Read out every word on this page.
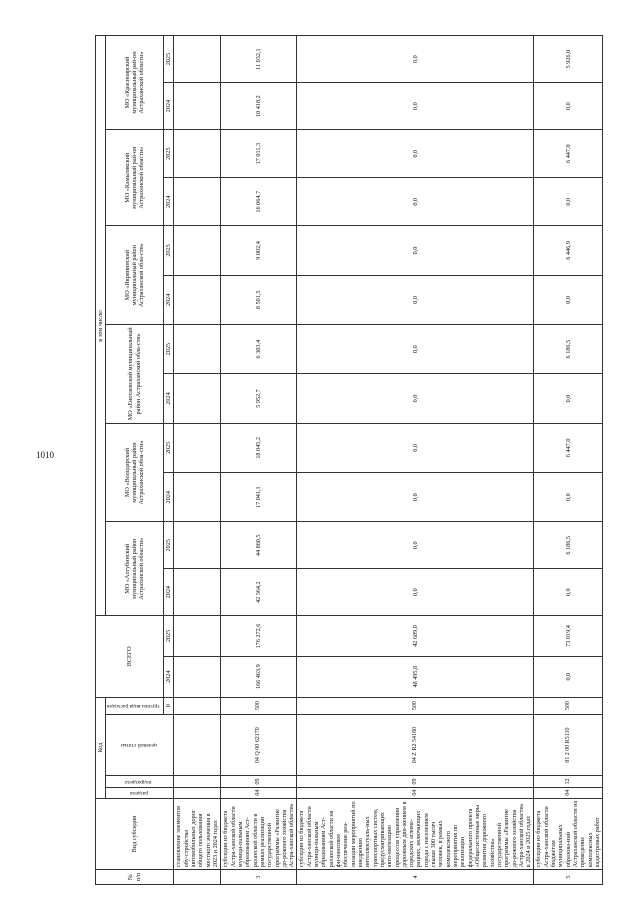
1010
№ п/п	Вид субсидии	Код				ВСЕГО		в том числе:											
		раздела	подраздела	целевой статьи	группы вида расходов			МО «Ахтубинский муниципальный район Астраханской области»		МО «Володарский муниципальный район Астраханской обла-сти»		МО «Енотаевский муниципальный район Астраханской обла-сти»		МО «Икрянинский муниципальный район Астраханской обла-сти»		МО «Камызякский муниципальный рай-он Астраханской области»		МО «Красноярский муниципальный рай-он Астраханской области»	

					0	2024	2025	2024	2025	2024	2025	2024	2025	2024	2025	2024	2025	2024	2025
	становление элементов обу-стройства автомобильных дорог общего пользования местного значения в 2023 и 2024 годах																		
3	субсидии из бюджета Астра-ханской области муници-пальным образованиям Аст-раханской области в рамках реализации государственной программы «Развитие до-рожного хозяйства Астра-ханской области»	04	09	04 Q 00 62170	500	166 463,9	176 272,6	42 364,2	44 860,5	17 041,1	18 045,2	5 952,7	6 303,4	8 501,5	9 002,4	16 064,7	17 011,3	10 418,2	11 032,1
4	субсидии из бюджета Астра-ханской области муници-пальным образованиям Аст-раханской области на фи-нансовое обеспечение реа-лизации мероприятий по внедрению интеллектуаль-ных транспортных систем, предусматривающих авто-матизацию процессов управления дорожным дви-жением в городских агломе-рациях, включающих города с населением свыше 300 тысяч человек, в рамках комплексного мероприятия по реализации федерального проекта «Общесистемные меры развития дорожного хозяйства» государственной программы «Развитие до-рожного хозяйства Астра-ханской области» в 2024 и 2025 годах	04	09	04 Z R2 54180	500	48 495,8	42 689,0	0,0	0,0	0,0	0,0	0,0	0,0	0,0	0,0	0,0	0,0	0,0	0,0
5	субсидии из бюджета Астра-ханской области бюджетам муниципальных образова-ний Астраханской области на проведение комплексных кадастровых работ	04	12	81 2 00 R5110	500	0,0	73 019,4	0,0	6 186,5	0,0	6 447,0	0,0	6 186,5	0,0	6 446,9	0,0	6 447,0	0,0	5 926,0
